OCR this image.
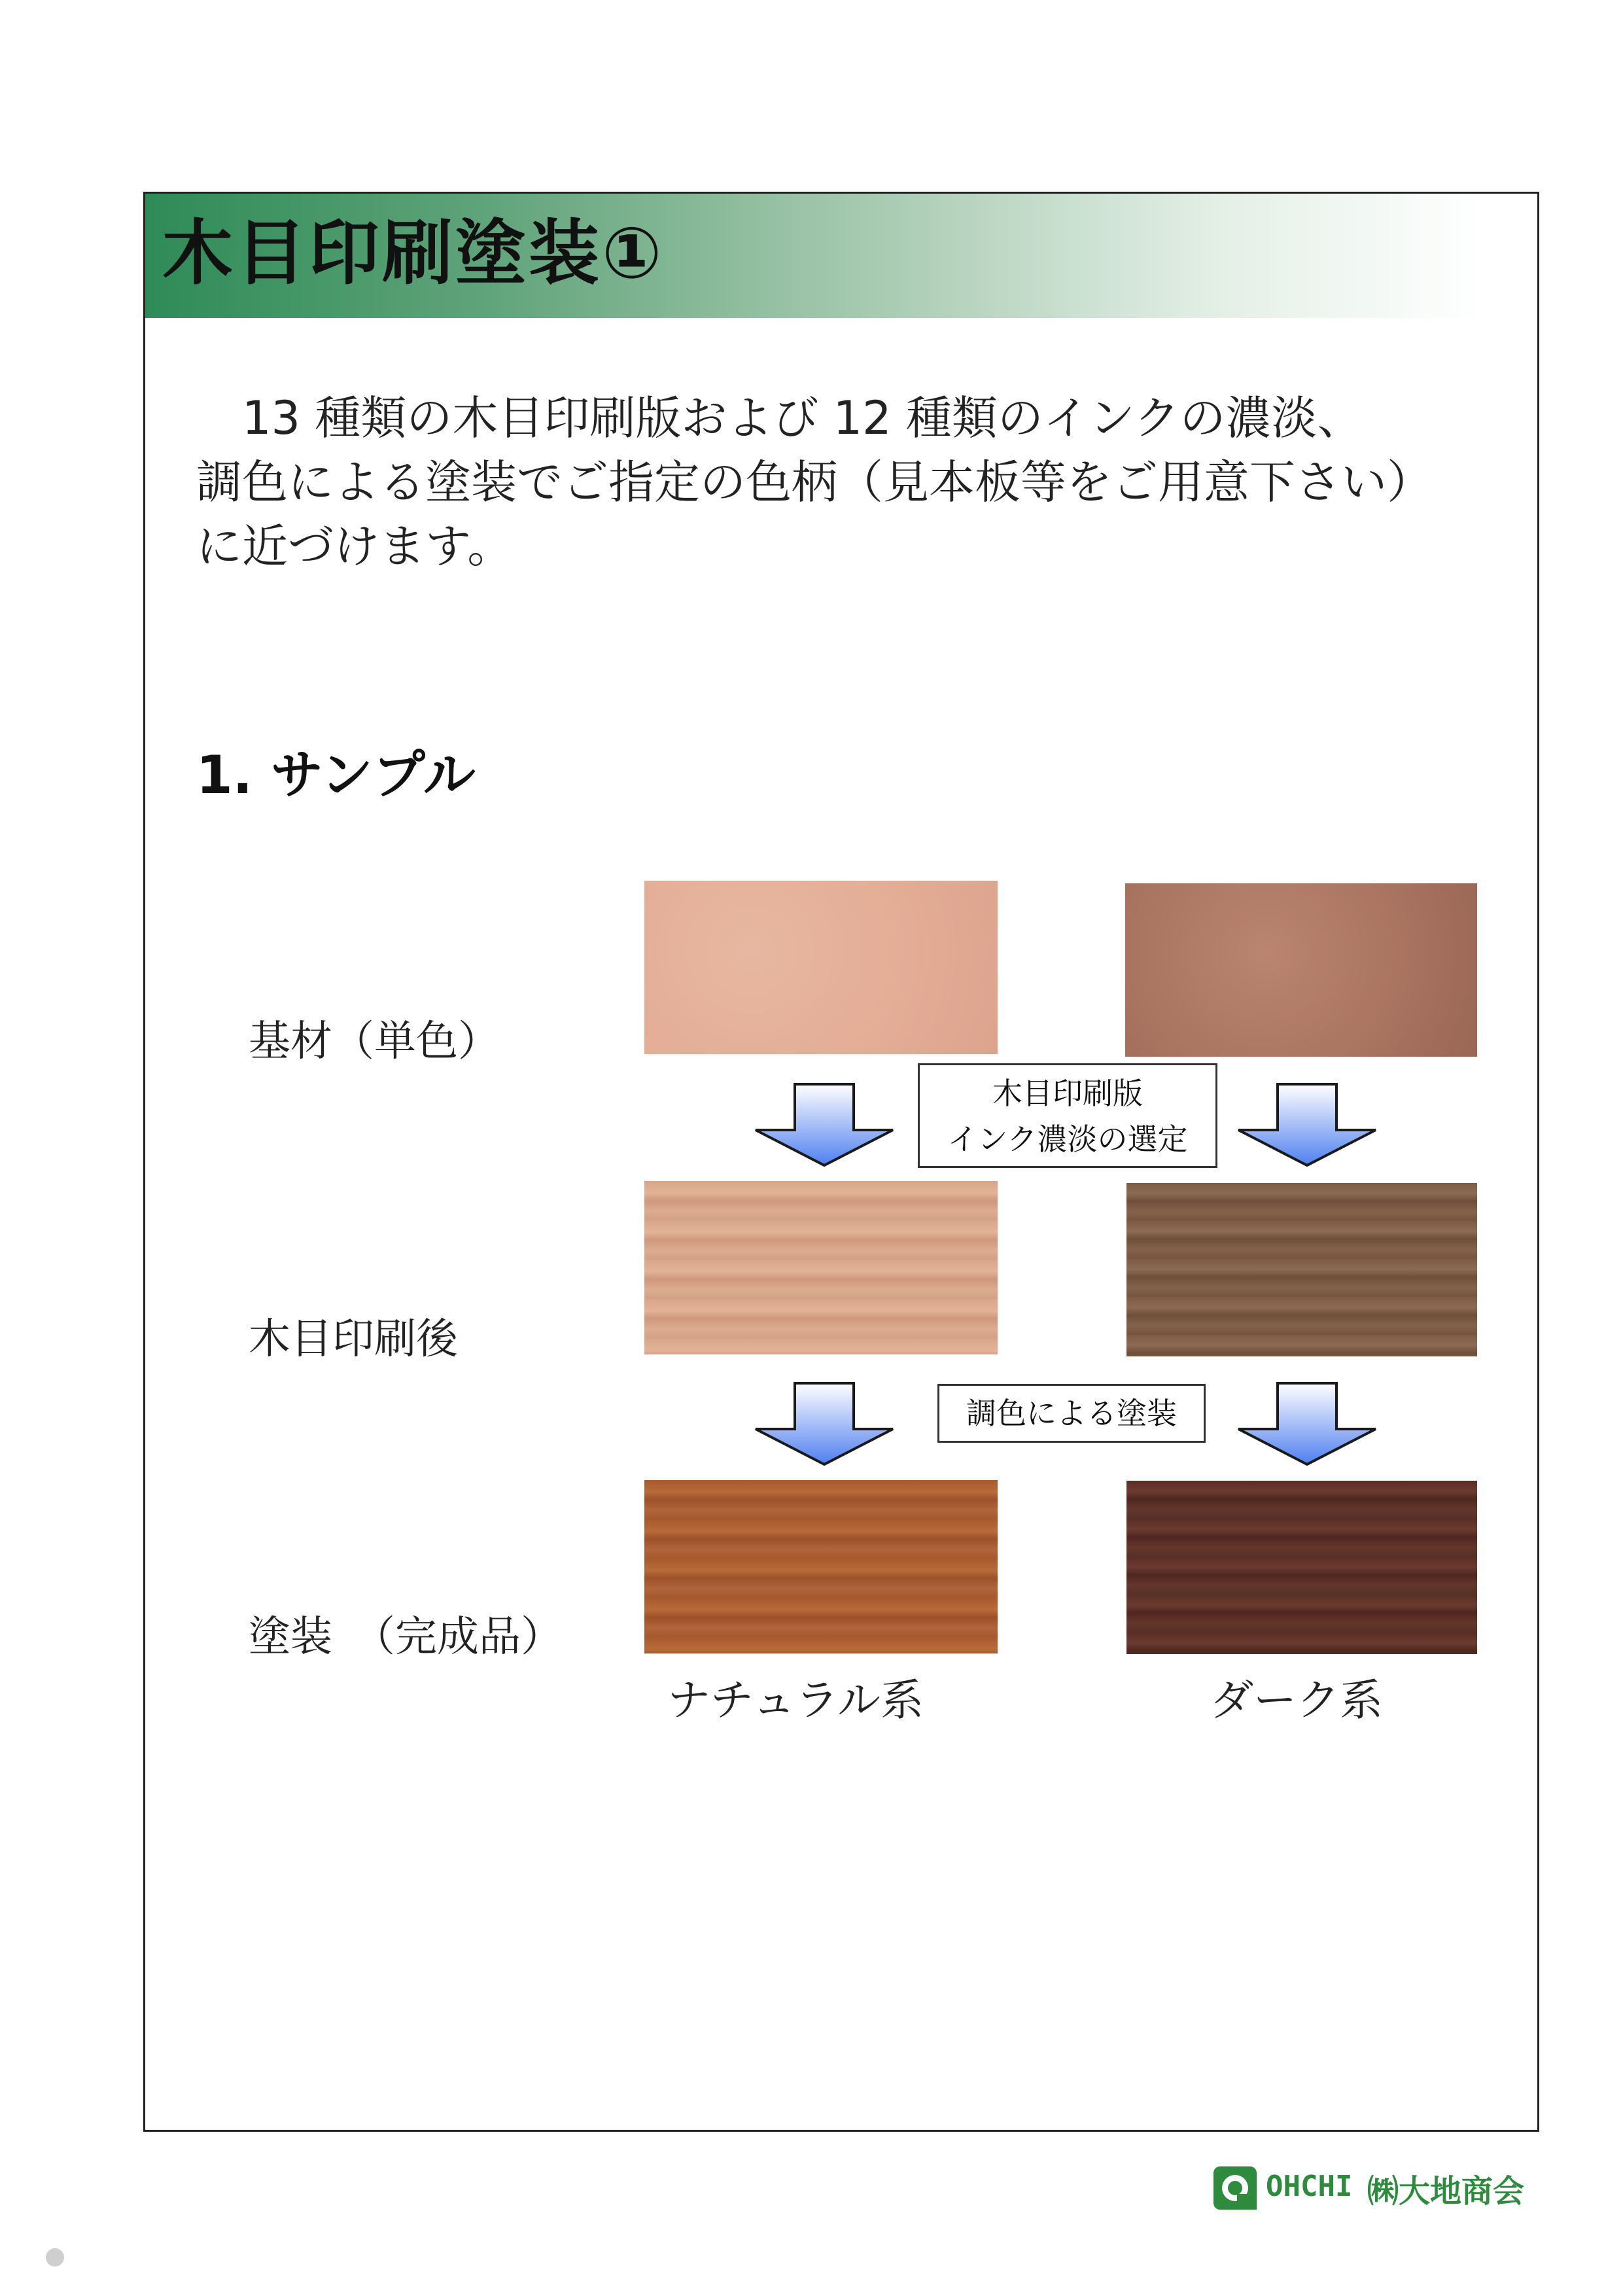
木目印刷塗装①

　13 種類の木目印刷版および 12 種類のインクの濃淡、

調色による塗装でご指定の色柄（見本板等をご用意下さい）

に近づけます。

1. サンプル
基材（単色）
木目印刷後
塗装　（完成品）
木目印刷版
インク濃淡の選定
調色による塗装
ナチュラル系	ダーク系
OHCHI ㈱大地商会
